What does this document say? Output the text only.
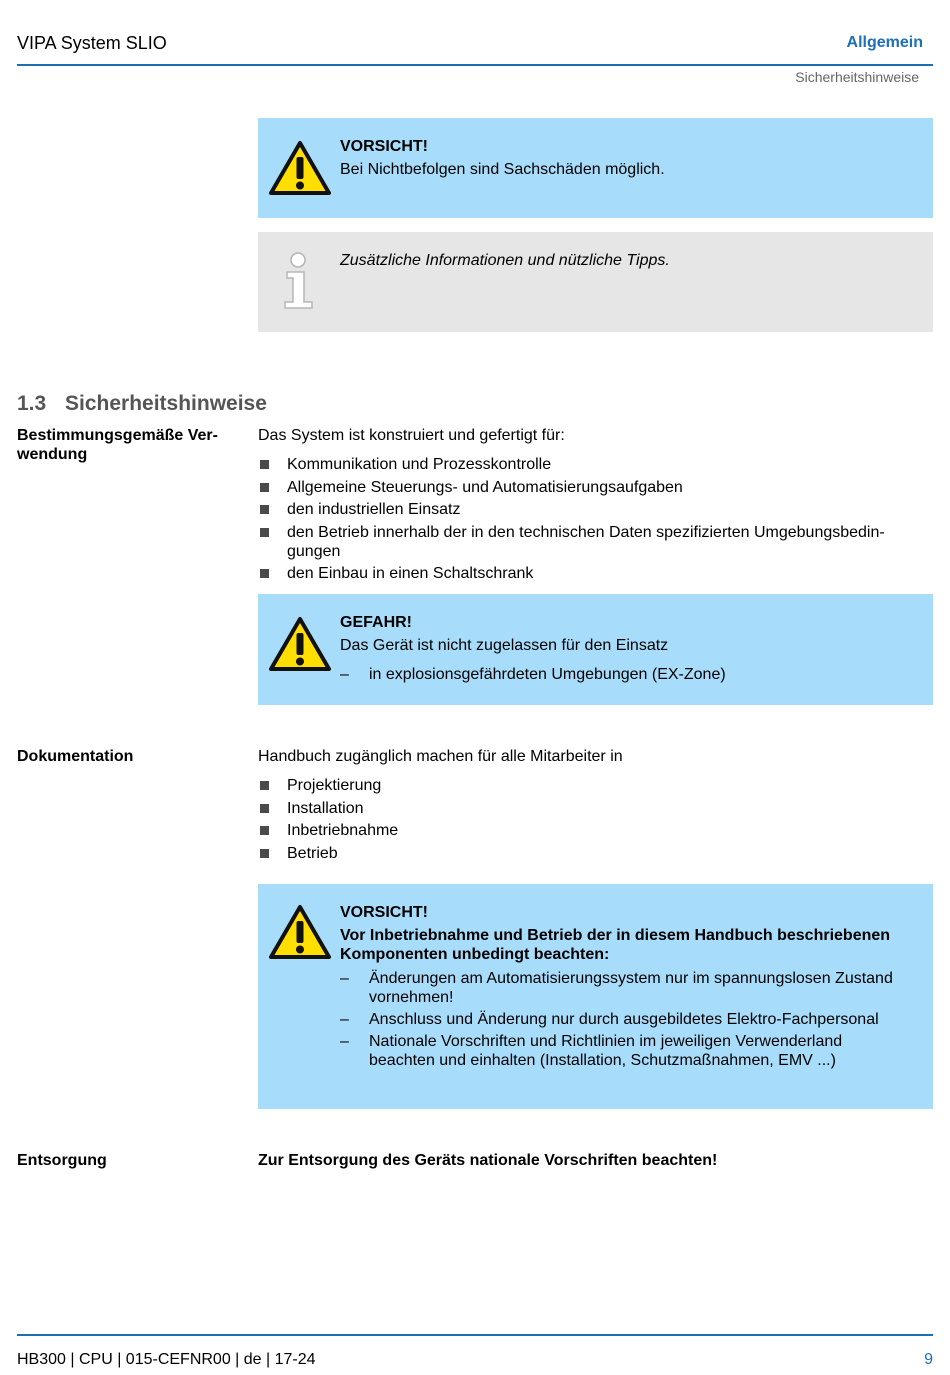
VIPA System SLIO	Allgemein
Sicherheitshinweise
VORSICHT!
Bei Nichtbefolgen sind Sachschäden möglich.
Zusätzliche Informationen und nützliche Tipps.
1.3 Sicherheitshinweise
Bestimmungsgemäße Verwendung
Das System ist konstruiert und gefertigt für:
Kommunikation und Prozesskontrolle
Allgemeine Steuerungs- und Automatisierungsaufgaben
den industriellen Einsatz
den Betrieb innerhalb der in den technischen Daten spezifizierten Umgebungsbedingungen
den Einbau in einen Schaltschrank
GEFAHR!
Das Gerät ist nicht zugelassen für den Einsatz
– in explosionsgefährdeten Umgebungen (EX-Zone)
Dokumentation	Handbuch zugänglich machen für alle Mitarbeiter in
Projektierung
Installation
Inbetriebnahme
Betrieb
VORSICHT!
Vor Inbetriebnahme und Betrieb der in diesem Handbuch beschriebenen Komponenten unbedingt beachten:
– Änderungen am Automatisierungssystem nur im spannungslosen Zustand vornehmen!
– Anschluss und Änderung nur durch ausgebildetes Elektro-Fachpersonal
– Nationale Vorschriften und Richtlinien im jeweiligen Verwenderland beachten und einhalten (Installation, Schutzmaßnahmen, EMV ...)
Entsorgung	Zur Entsorgung des Geräts nationale Vorschriften beachten!
HB300 | CPU | 015-CEFNR00 | de | 17-24	9
